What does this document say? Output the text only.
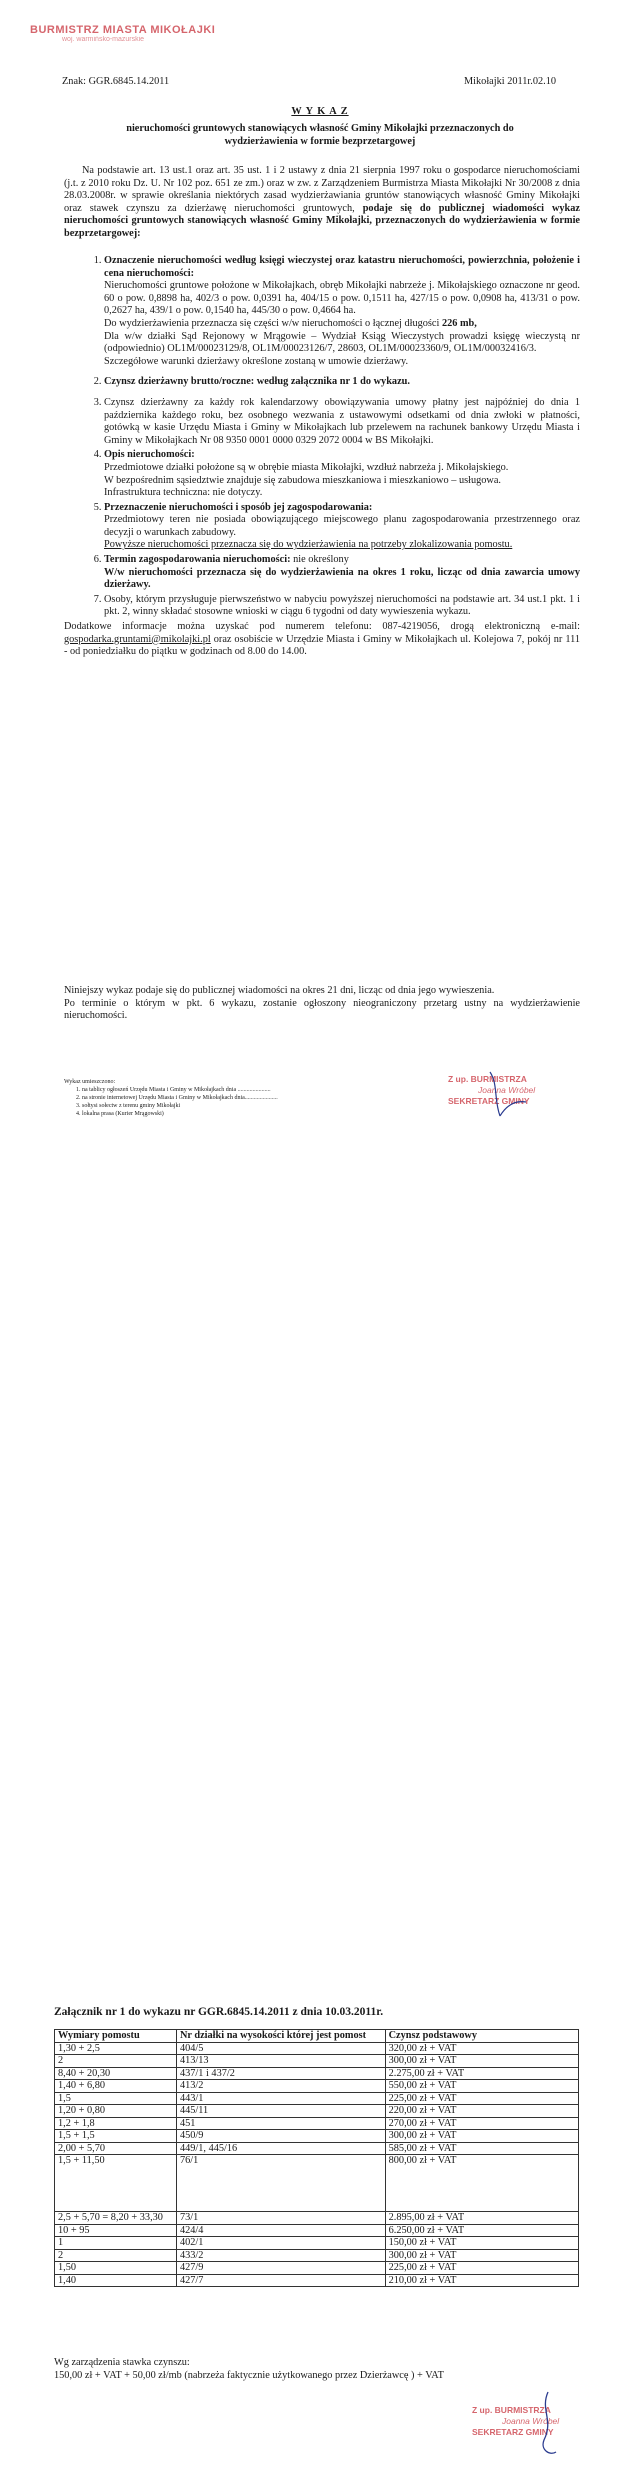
BURMISTRZ MIASTA MIKOŁAJKI
woj. warmińsko-mazurskie
Znak: GGR.6845.14.2011	Mikołajki 2011r.02.10
W Y K A Z
nieruchomości gruntowych stanowiących własność Gminy Mikołajki przeznaczonych do wydzierżawienia w formie bezprzetargowej
Na podstawie art. 13 ust.1 oraz art. 35 ust. 1 i 2 ustawy z dnia 21 sierpnia 1997 roku o gospodarce nieruchomościami (j.t. z 2010 roku Dz. U. Nr 102 poz. 651 ze zm.) oraz w zw. z Zarządzeniem Burmistrza Miasta Mikołajki Nr 30/2008 z dnia 28.03.2008r. w sprawie określania niektórych zasad wydzierżawiania gruntów stanowiących własność Gminy Mikołajki oraz stawek czynszu za dzierżawę nieruchomości gruntowych, podaje się do publicznej wiadomości wykaz nieruchomości gruntowych stanowiących własność Gminy Mikołajki, przeznaczonych do wydzierżawienia w formie bezprzetargowej:
1. Oznaczenie nieruchomości według księgi wieczystej oraz katastru nieruchomości, powierzchnia, położenie i cena nieruchomości:
Nieruchomości gruntowe położone w Mikołajkach, obręb Mikołajki nabrzeże j. Mikołajskiego oznaczone nr geod. 60 o pow. 0,8898 ha, 402/3 o pow. 0,0391 ha, 404/15 o pow. 0,1511 ha, 427/15 o pow. 0,0908 ha, 413/31 o pow. 0,2627 ha, 439/1 o pow. 0,1540 ha, 445/30 o pow. 0,4664 ha.
Do wydzierżawienia przeznacza się części w/w nieruchomości o łącznej długości 226 mb,
Dla w/w działki Sąd Rejonowy w Mrągowie – Wydział Ksiąg Wieczystych prowadzi księgę wieczystą nr (odpowiednio) OL1M/00023129/8, OL1M/00023126/7, 28603, OL1M/00023360/9, OL1M/00032416/3.
Szczegółowe warunki dzierżawy określone zostaną w umowie dzierżawy.
2. Czynsz dzierżawny brutto/roczne: według załącznika nr 1 do wykazu.
3. Czynsz dzierżawny za każdy rok kalendarzowy obowiązywania umowy płatny jest najpóźniej do dnia 1 października każdego roku, bez osobnego wezwania z ustawowymi odsetkami od dnia zwłoki w płatności, gotówką w kasie Urzędu Miasta i Gminy w Mikołajkach lub przelewem na rachunek bankowy Urzędu Miasta i Gminy w Mikołajkach Nr 08 9350 0001 0000 0329 2072 0004 w BS Mikołajki.
4. Opis nieruchomości:
Przedmiotowe działki położone są w obrębie miasta Mikołajki, wzdłuż nabrzeża j. Mikołajskiego.
W bezpośrednim sąsiedztwie znajduje się zabudowa mieszkaniowa i mieszkaniowo – usługowa.
Infrastruktura techniczna: nie dotyczy.
5. Przeznaczenie nieruchomości i sposób jej zagospodarowania:
Przedmiotowy teren nie posiada obowiązującego miejscowego planu zagospodarowania przestrzennego oraz decyzji o warunkach zabudowy.
Powyższe nieruchomości przeznacza się do wydzierżawienia na potrzeby zlokalizowania pomostu.
6. Termin zagospodarowania nieruchomości: nie określony
W/w nieruchomości przeznacza się do wydzierżawienia na okres 1 roku, licząc od dnia zawarcia umowy dzierżawy.
7. Osoby, którym przysługuje pierwszeństwo w nabyciu powyższej nieruchomości na podstawie art. 34 ust.1 pkt. 1 i pkt. 2, winny składać stosowne wnioski w ciągu 6 tygodni od daty wywieszenia wykazu.
Dodatkowe informacje można uzyskać pod numerem telefonu: 087-4219056, drogą elektroniczną e-mail: gospodarka.gruntami@mikolajki.pl oraz osobiście w Urzędzie Miasta i Gminy w Mikołajkach ul. Kolejowa 7, pokój nr 111 - od poniedziałku do piątku w godzinach od 8.00 do 14.00.
Niniejszy wykaz podaje się do publicznej wiadomości na okres 21 dni, licząc od dnia jego wywieszenia.
Po terminie o którym w pkt. 6 wykazu, zostanie ogłoszony nieograniczony przetarg ustny na wydzierżawienie nieruchomości.
Wykaz umieszczono:
1. na tablicy ogłoszeń Urzędu Miasta i Gminy w Mikołajkach dnia ......................
2. na stronie internetowej Urzędu Miasta i Gminy w Mikołajkach dnia......................
3. sołtysi sołectw z terenu gminy Mikołajki
4. lokalna prasa (Kurier Mrągowski)
Z up. BURMISTRZA
Joanna Wróbel
SEKRETARZ GMINY
Załącznik nr 1 do wykazu nr GGR.6845.14.2011 z dnia 10.03.2011r.
Wymiary pomostu	Nr działki na wysokości której jest pomost	Czynsz podstawowy
1,30 + 2,5	404/5	320,00 zł + VAT
2	413/13	300,00 zł + VAT
8,40 + 20,30	437/1 i 437/2	2.275,00 zł + VAT
1,40 + 6,80	413/2	550,00 zł + VAT
1,5	443/1	225,00 zł + VAT
1,20 + 0,80	445/11	220,00 zł + VAT
1,2 + 1,8	451	270,00 zł + VAT
1,5 + 1,5	450/9	300,00 zł + VAT
2,00 + 5,70	449/1, 445/16	585,00 zł + VAT
1,5 + 11,50	76/1	800,00 zł + VAT
2,5 + 5,70 = 8,20 + 33,30	73/1	2.895,00 zł + VAT
10 + 95	424/4	6.250,00 zł + VAT
1	402/1	150,00 zł + VAT
2	433/2	300,00 zł + VAT
1,50	427/9	225,00 zł + VAT
1,40	427/7	210,00 zł + VAT
Wg zarządzenia stawka czynszu:
150,00 zł + VAT + 50,00 zł/mb (nabrzeża faktycznie użytkowanego przez Dzierżawcę ) + VAT
Z up. BURMISTRZA
Joanna Wróbel
SEKRETARZ GMINY
